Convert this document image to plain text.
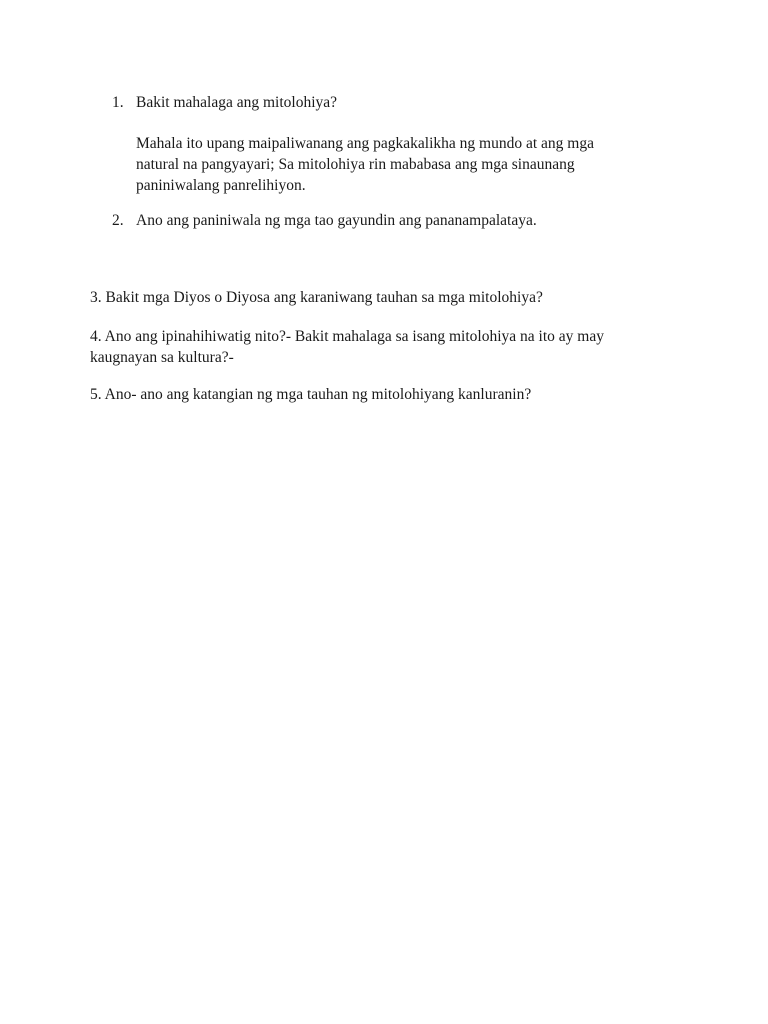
1. Bakit mahalaga ang mitolohiya?
Mahala ito upang maipaliwanang ang pagkakalikha ng mundo at ang mga
natural na pangyayari; Sa mitolohiya rin mababasa ang mga sinaunang
paniniwalang panrelihiyon.
2. Ano ang paniniwala ng mga tao gayundin ang pananampalataya.
3. Bakit mga Diyos o Diyosa ang karaniwang tauhan sa mga mitolohiya?
4. Ano ang ipinahihiwatig nito?- Bakit mahalaga sa isang mitolohiya na ito ay may
kaugnayan sa kultura?-
5. Ano- ano ang katangian ng mga tauhan ng mitolohiyang kanluranin?
